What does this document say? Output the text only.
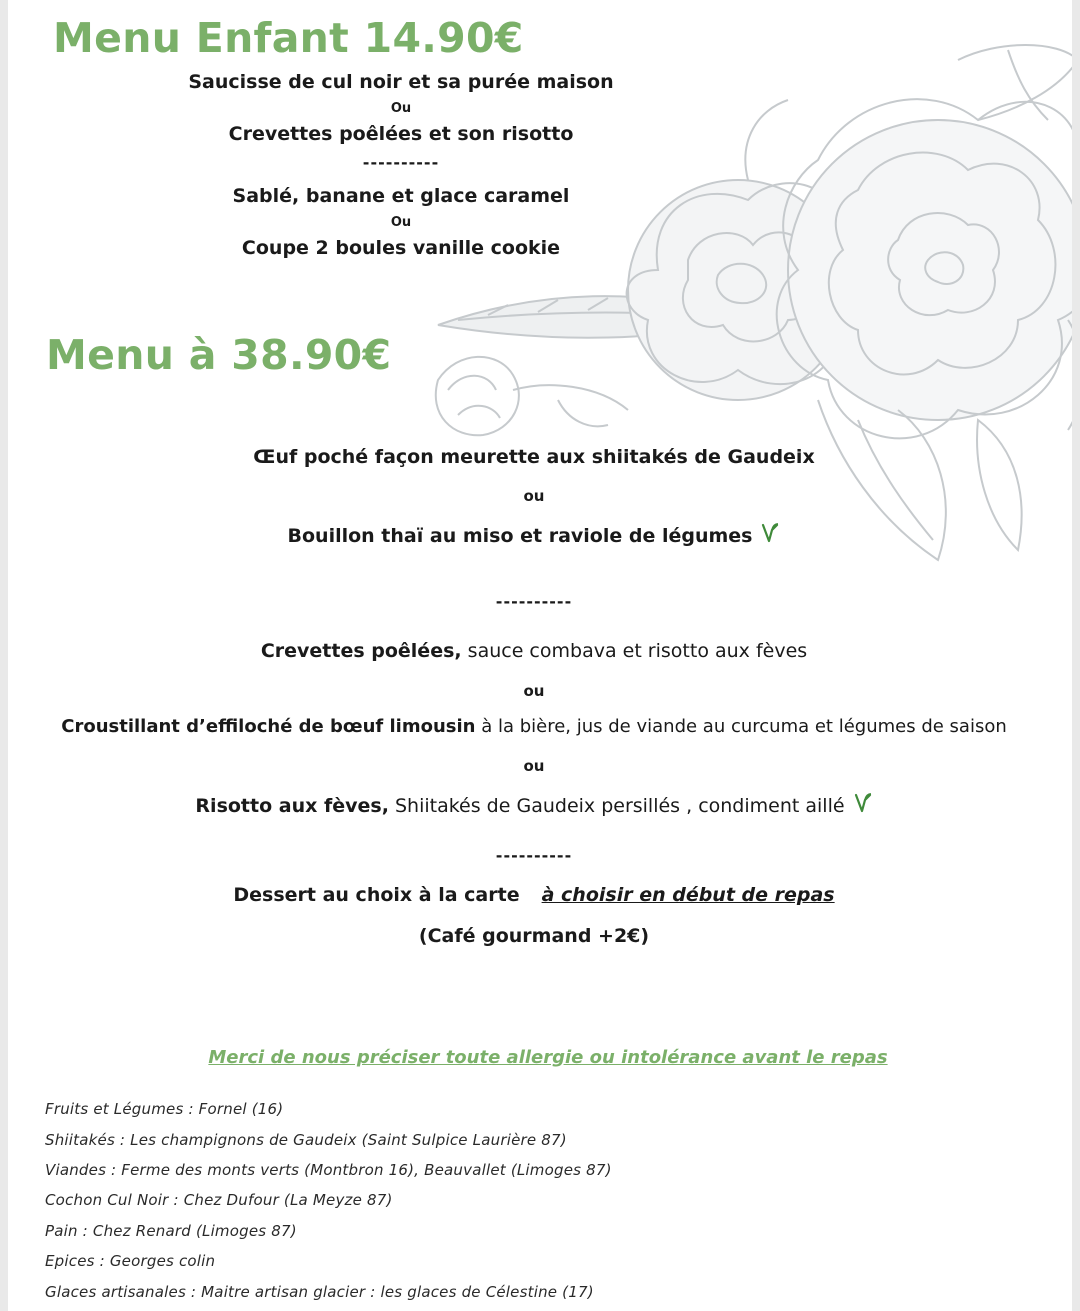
Menu Enfant 14.90€
Saucisse de cul noir et sa purée maison
Ou
Crevettes poêlées et son risotto
----------
Sablé, banane et glace caramel
Ou
Coupe 2 boules vanille cookie
Menu à 38.90€
Œuf poché façon meurette aux shiitakés de Gaudeix
ou
Bouillon thaï au miso et raviole de légumes
----------
Crevettes poêlées, sauce combava et risotto aux fèves
ou
Croustillant d’effiloché de bœuf limousin à la bière, jus de viande au curcuma et légumes de saison
ou
Risotto aux fèves, Shiitakés de Gaudeix persillés , condiment aillé
----------
Dessert au choix à la carte à choisir en début de repas
(Café gourmand +2€)
Merci de nous préciser toute allergie ou intolérance avant le repas
Fruits et Légumes : Fornel (16)
Shiitakés : Les champignons de Gaudeix (Saint Sulpice Laurière 87)
Viandes : Ferme des monts verts (Montbron 16), Beauvallet (Limoges 87)
Cochon Cul Noir : Chez Dufour (La Meyze 87)
Pain : Chez Renard (Limoges 87)
Epices : Georges colin
Glaces artisanales : Maitre artisan glacier : les glaces de Célestine (17)
